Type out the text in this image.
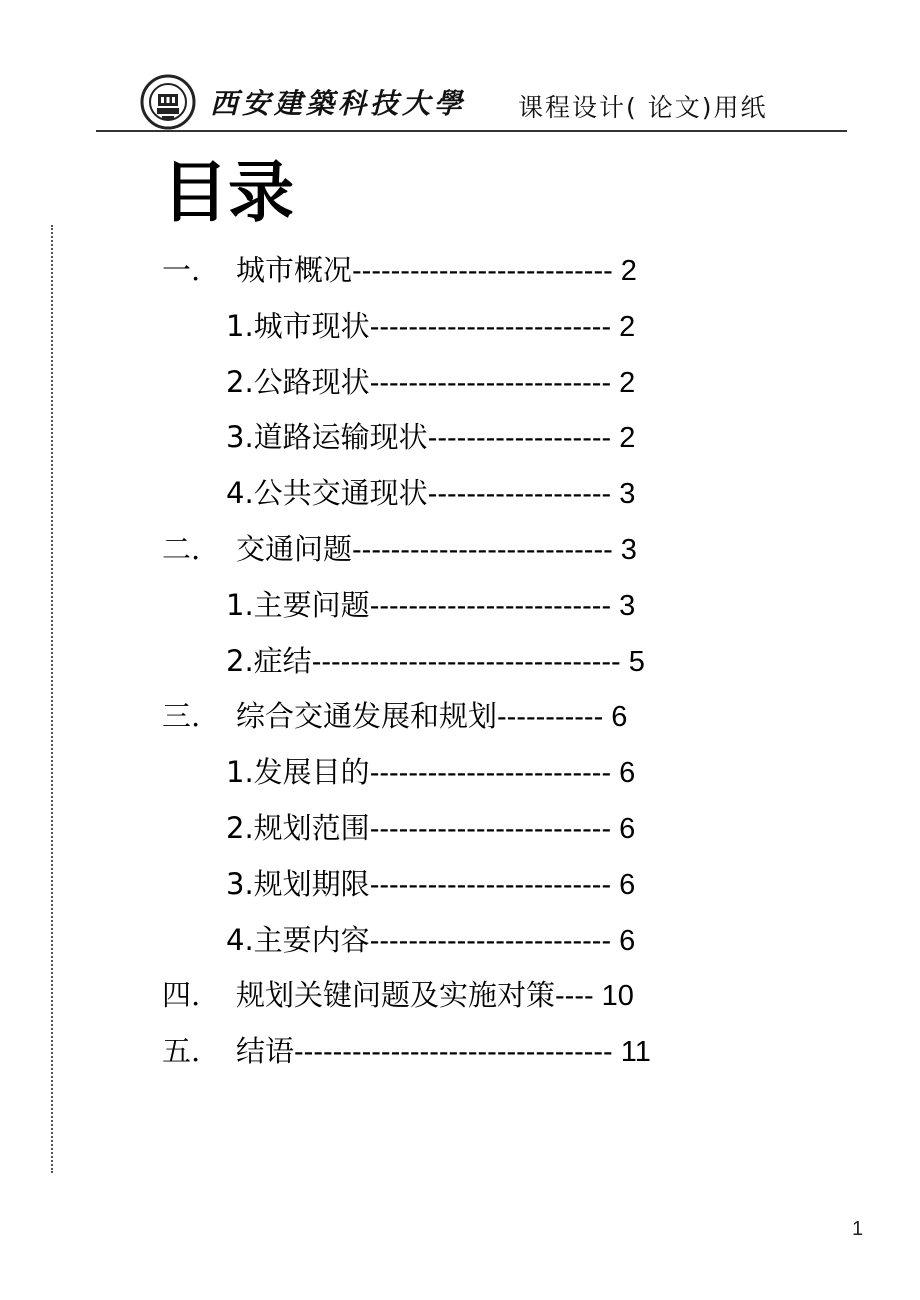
西安建築科技大學 课程设计( 论文)用纸
目录
一. 城市概况--------------------------- 2
1.城市现状------------------------- 2
2.公路现状------------------------- 2
3.道路运输现状------------------- 2
4.公共交通现状------------------- 3
二. 交通问题--------------------------- 3
1.主要问题------------------------- 3
2.症结-------------------------------- 5
三. 综合交通发展和规划----------- 6
1.发展目的------------------------- 6
2.规划范围------------------------- 6
3.规划期限------------------------- 6
4.主要内容------------------------- 6
四. 规划关键问题及实施对策---- 10
五. 结语--------------------------------- 11
1
